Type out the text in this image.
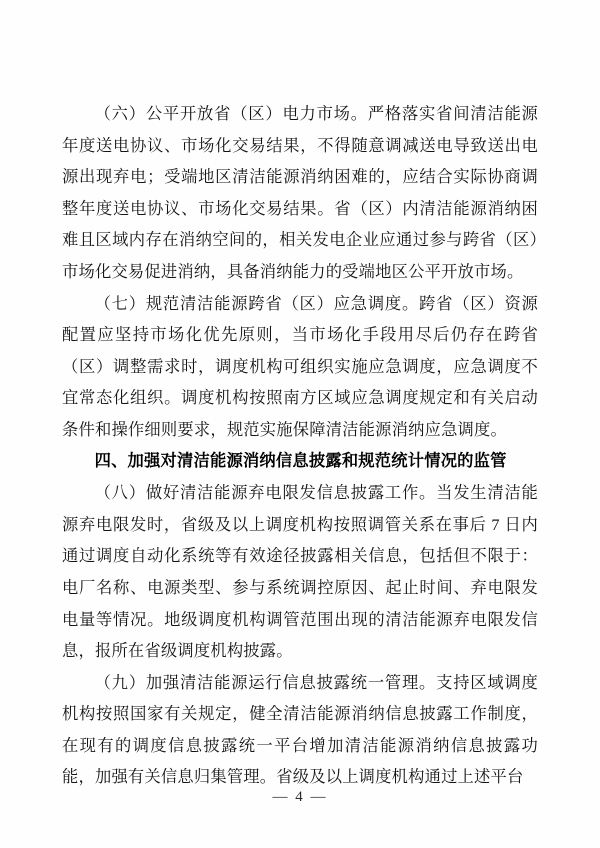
（六）公平开放省（区）电力市场。严格落实省间清洁能源年度送电协议、市场化交易结果，不得随意调减送电导致送出电源出现弃电；受端地区清洁能源消纳困难的，应结合实际协商调整年度送电协议、市场化交易结果。省（区）内清洁能源消纳困难且区域内存在消纳空间的，相关发电企业应通过参与跨省（区）市场化交易促进消纳，具备消纳能力的受端地区公平开放市场。

（七）规范清洁能源跨省（区）应急调度。跨省（区）资源配置应坚持市场化优先原则，当市场化手段用尽后仍存在跨省（区）调整需求时，调度机构可组织实施应急调度，应急调度不宜常态化组织。调度机构按照南方区域应急调度规定和有关启动条件和操作细则要求，规范实施保障清洁能源消纳应急调度。

四、加强对清洁能源消纳信息披露和规范统计情况的监管

（八）做好清洁能源弃电限发信息披露工作。当发生清洁能源弃电限发时，省级及以上调度机构按照调管关系在事后 7 日内通过调度自动化系统等有效途径披露相关信息，包括但不限于：电厂名称、电源类型、参与系统调控原因、起止时间、弃电限发电量等情况。地级调度机构调管范围出现的清洁能源弃电限发信息，报所在省级调度机构披露。

（九）加强清洁能源运行信息披露统一管理。支持区域调度机构按照国家有关规定，健全清洁能源消纳信息披露工作制度，在现有的调度信息披露统一平台增加清洁能源消纳信息披露功能，加强有关信息归集管理。省级及以上调度机构通过上述平台

— 4 —
